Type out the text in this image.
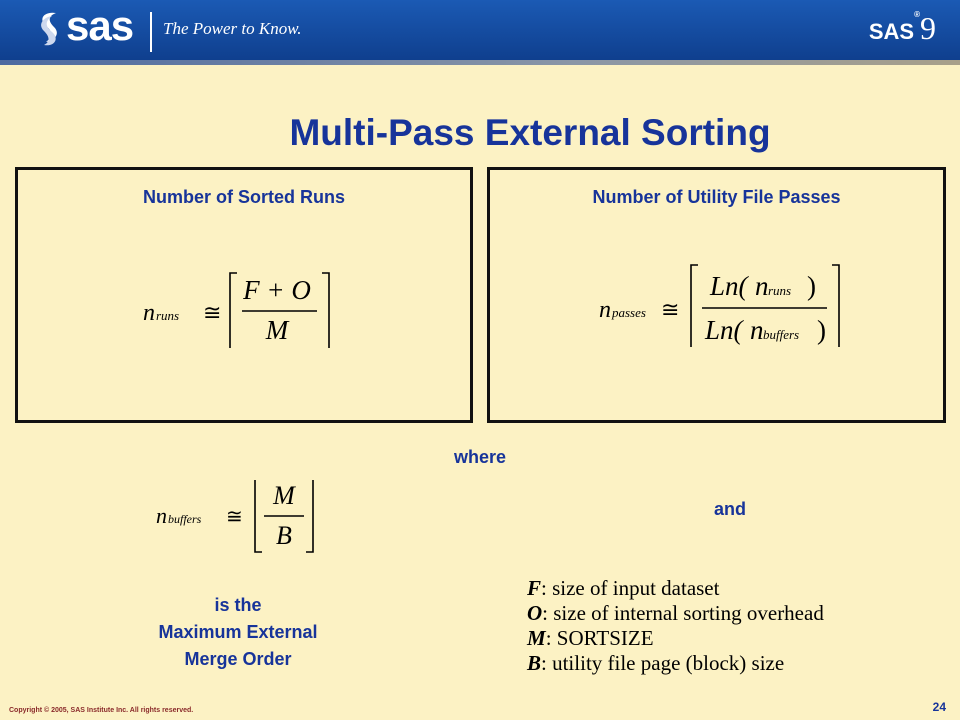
sas The Power to Know.	SAS®9
Multi-Pass External Sorting
Number of Sorted Runs
n runs ≅
F + O
M
Number of Utility File Passes
n passes ≅
Ln( n runs )
Ln( n buffers )
where
and
n buffers ≅
M
B
is the
Maximum External
Merge Order
F: size of input dataset
O: size of internal sorting overhead
M: SORTSIZE
B: utility file page (block) size
Copyright © 2005, SAS Institute Inc. All rights reserved.	24
